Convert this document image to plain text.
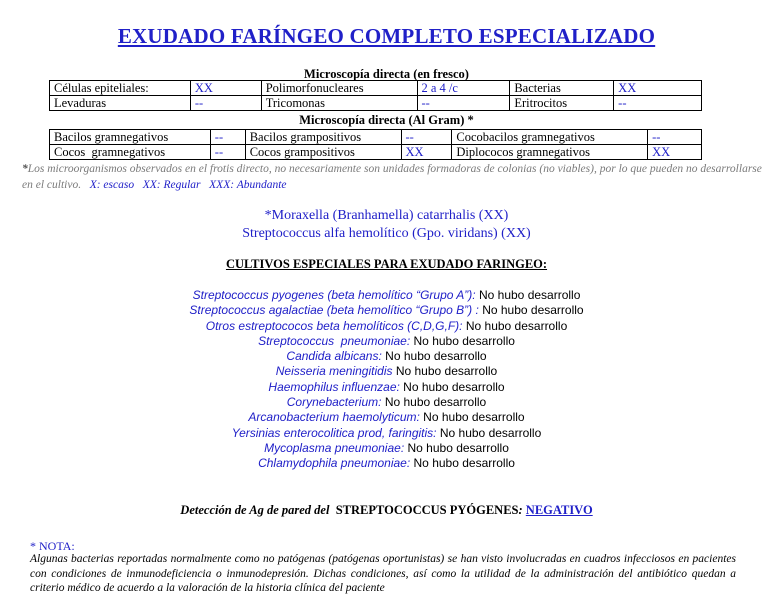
EXUDADO FARÍNGEO COMPLETO ESPECIALIZADO
Microscopía directa (en fresco)
Células epiteliales:	XX	Polimorfonucleares	2 a 4 /c	Bacterias	XX
Levaduras	--	Tricomonas	--	Eritrocitos	--
Microscopía directa (Al Gram) *
Bacilos gramnegativos	--	Bacilos grampositivos	--	Cocobacilos gramnegativos	--
Cocos  gramnegativos	--	Cocos grampositivos	XX	Diplococos gramnegativos	XX
*Los microorganismos observados en el frotis directo, no necesariamente son unidades formadoras de colonias (no viables), por lo que pueden no desarrollarse en el cultivo. X: escaso   XX: Regular   XXX: Abundante
*Moraxella (Branhamella) catarrhalis (XX)
Streptococcus alfa hemolítico (Gpo. viridans) (XX)
CULTIVOS ESPECIALES PARA EXUDADO FARINGEO:
Streptococcus pyogenes (beta hemolítico “Grupo A”): No hubo desarrollo
Streptococcus agalactiae (beta hemolítico “Grupo B”) : No hubo desarrollo
Otros estreptococos beta hemolíticos (C,D,G,F): No hubo desarrollo
Streptococcus  pneumoniae: No hubo desarrollo
Candida albicans: No hubo desarrollo
Neisseria meningitidis No hubo desarrollo
Haemophilus influenzae: No hubo desarrollo
Corynebacterium: No hubo desarrollo
Arcanobacterium haemolyticum: No hubo desarrollo
Yersinias enterocolitica prod, faringitis: No hubo desarrollo
Mycoplasma pneumoniae: No hubo desarrollo
Chlamydophila pneumoniae: No hubo desarrollo
Detección de Ag de pared del STREPTOCOCCUS PYÓGENES: NEGATIVO
* NOTA:
Algunas bacterias reportadas normalmente como no patógenas (patógenas oportunistas) se han visto involucradas en cuadros infecciosos en pacientes con condiciones de inmunodeficiencia o inmunodepresión. Dichas condiciones, así como la utilidad de la administración del antibiótico quedan a criterio médico de acuerdo a la valoración de la historia clínica del paciente
